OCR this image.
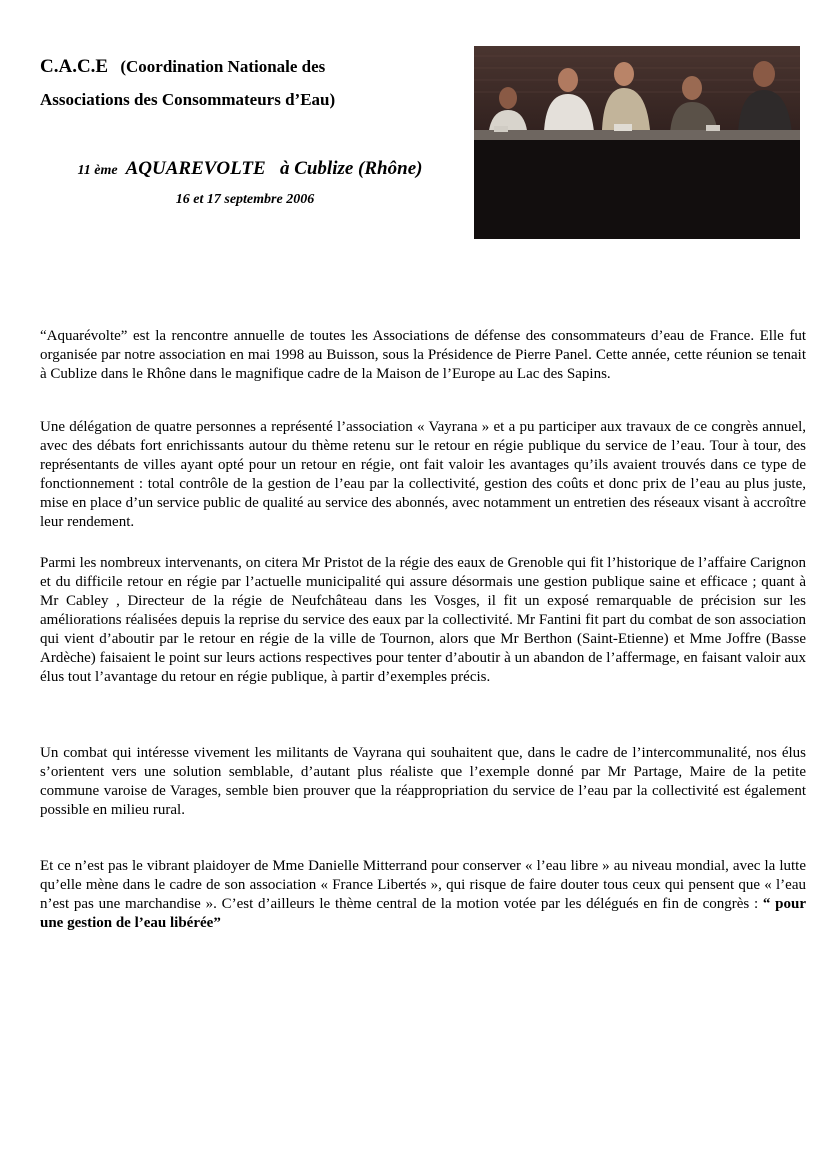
C.A.C.E (Coordination Nationale des
Associations des Consommateurs d’Eau)
11 ème AQUAREVOLTE à Cublize (Rhône)
16 et 17 septembre 2006

“Aquarévolte” est la rencontre annuelle de toutes les Associations de défense des consommateurs d’eau de France. Elle fut organisée par notre association en mai 1998 au Buisson, sous la Présidence de Pierre Panel. Cette année, cette réunion se tenait à Cublize dans le Rhône dans le magnifique cadre de la Maison de l’Europe au Lac des Sapins.

Une délégation de quatre personnes a représenté l’association « Vayrana » et a pu participer aux travaux de ce congrès annuel, avec des débats fort enrichissants autour du thème retenu sur le retour en régie publique du service de l’eau. Tour à tour, des représentants de villes ayant opté pour un retour en régie, ont fait valoir les avantages qu’ils avaient trouvés dans ce type de fonctionnement : total contrôle de la gestion de l’eau par la collectivité, gestion des coûts et donc prix de l’eau au plus juste, mise en place d’un service public de qualité au service des abonnés, avec notamment un entretien des réseaux visant à accroître leur rendement.

Parmi les nombreux intervenants, on citera Mr Pristot de la régie des eaux de Grenoble qui fit l’historique de l’affaire Carignon et du difficile retour en régie par l’actuelle municipalité qui assure désormais une gestion publique saine et efficace ; quant à Mr Cabley , Directeur de la régie de Neufchâteau dans les Vosges, il fit un exposé remarquable de précision sur les améliorations réalisées depuis la reprise du service des eaux par la collectivité. Mr Fantini fit part du combat de son association qui vient d’aboutir par le retour en régie de la ville de Tournon, alors que Mr Berthon (Saint-Etienne) et Mme Joffre (Basse Ardèche) faisaient le point sur leurs actions respectives pour tenter d’aboutir à un abandon de l’affermage, en faisant valoir aux élus tout l’avantage du retour en régie publique, à partir d’exemples précis.

Un combat qui intéresse vivement les militants de Vayrana qui souhaitent que, dans le cadre de l’intercommunalité, nos élus s’orientent vers une solution semblable, d’autant plus réaliste que l’exemple donné par Mr Partage, Maire de la petite commune varoise de Varages, semble bien prouver que la réappropriation du service de l’eau par la collectivité est également possible en milieu rural.

Et ce n’est pas le vibrant plaidoyer de Mme Danielle Mitterrand pour conserver « l’eau libre » au niveau mondial, avec la lutte qu’elle mène dans le cadre de son association « France Libertés », qui risque de faire douter tous ceux qui pensent que « l’eau n’est pas une marchandise ». C’est d’ailleurs le thème central de la motion votée par les délégués en fin de congrès : “ pour une gestion de l’eau libérée”
